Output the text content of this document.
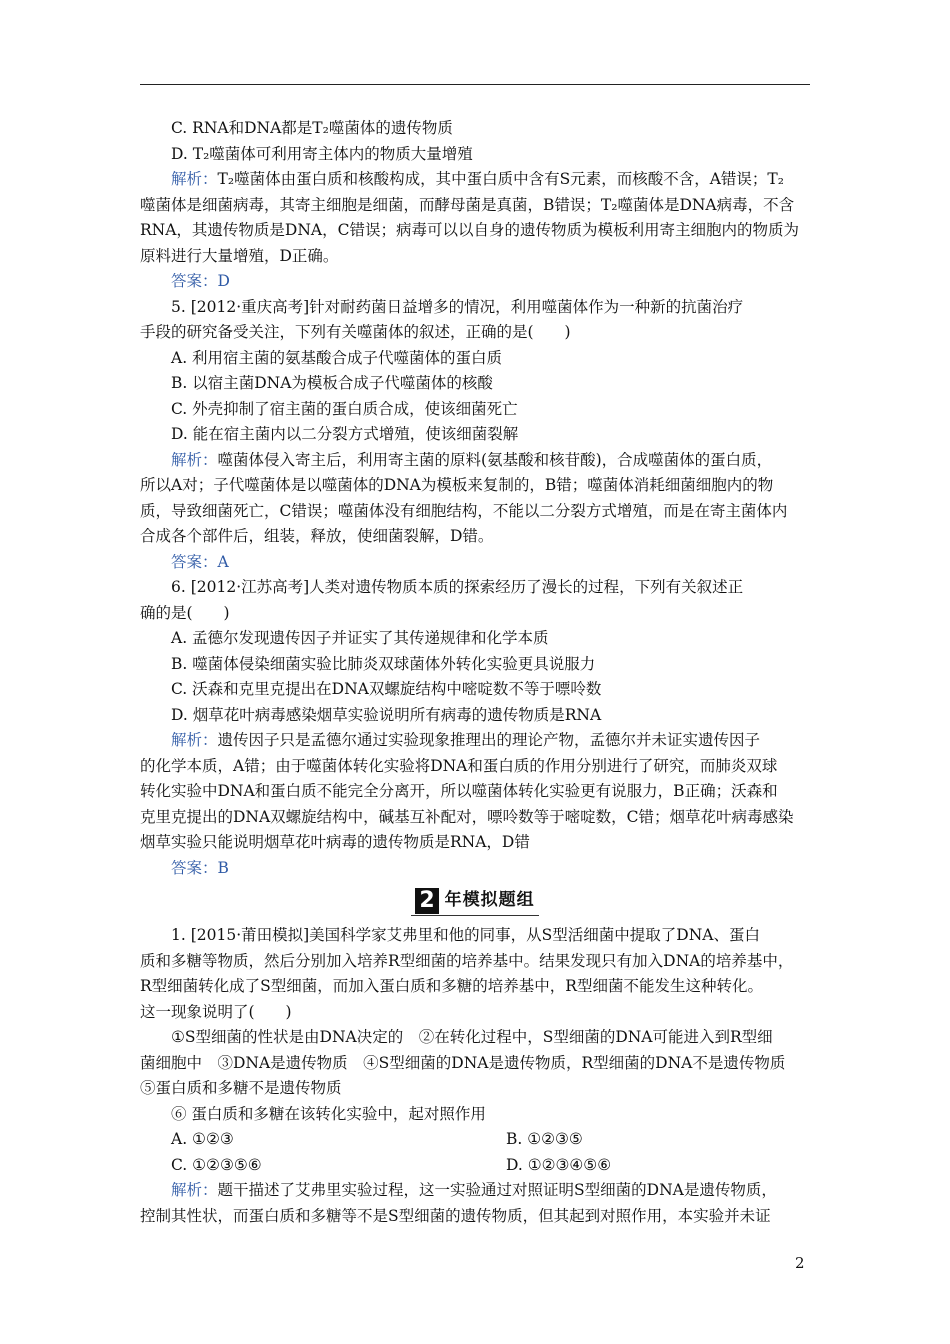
C. RNA和DNA都是T₂噬菌体的遗传物质
D. T₂噬菌体可利用寄主体内的物质大量增殖
解析：T₂噬菌体由蛋白质和核酸构成，其中蛋白质中含有S元素，而核酸不含，A错误；T₂
噬菌体是细菌病毒，其寄主细胞是细菌，而酵母菌是真菌，B错误；T₂噬菌体是DNA病毒，不含
RNA，其遗传物质是DNA，C错误；病毒可以以自身的遗传物质为模板利用寄主细胞内的物质为
原料进行大量增殖，D正确。
答案：D
5. [2012·重庆高考]针对耐药菌日益增多的情况，利用噬菌体作为一种新的抗菌治疗
手段的研究备受关注，下列有关噬菌体的叙述，正确的是(　　)
A. 利用宿主菌的氨基酸合成子代噬菌体的蛋白质
B. 以宿主菌DNA为模板合成子代噬菌体的核酸
C. 外壳抑制了宿主菌的蛋白质合成，使该细菌死亡
D. 能在宿主菌内以二分裂方式增殖，使该细菌裂解
解析：噬菌体侵入寄主后，利用寄主菌的原料(氨基酸和核苷酸)，合成噬菌体的蛋白质，
所以A对；子代噬菌体是以噬菌体的DNA为模板来复制的，B错；噬菌体消耗细菌细胞内的物
质，导致细菌死亡，C错误；噬菌体没有细胞结构，不能以二分裂方式增殖，而是在寄主菌体内
合成各个部件后，组装，释放，使细菌裂解，D错。
答案：A
6. [2012·江苏高考]人类对遗传物质本质的探索经历了漫长的过程，下列有关叙述正
确的是(　　)
A. 孟德尔发现遗传因子并证实了其传递规律和化学本质
B. 噬菌体侵染细菌实验比肺炎双球菌体外转化实验更具说服力
C. 沃森和克里克提出在DNA双螺旋结构中嘧啶数不等于嘌呤数
D. 烟草花叶病毒感染烟草实验说明所有病毒的遗传物质是RNA
解析：遗传因子只是孟德尔通过实验现象推理出的理论产物，孟德尔并未证实遗传因子
的化学本质，A错；由于噬菌体转化实验将DNA和蛋白质的作用分别进行了研究，而肺炎双球
转化实验中DNA和蛋白质不能完全分离开，所以噬菌体转化实验更有说服力，B正确；沃森和
克里克提出的DNA双螺旋结构中，碱基互补配对，嘌呤数等于嘧啶数，C错；烟草花叶病毒感染
烟草实验只能说明烟草花叶病毒的遗传物质是RNA，D错
答案：B
2 年模拟题组
1. [2015·莆田模拟]美国科学家艾弗里和他的同事，从S型活细菌中提取了DNA、蛋白
质和多糖等物质，然后分别加入培养R型细菌的培养基中。结果发现只有加入DNA的培养基中，
R型细菌转化成了S型细菌，而加入蛋白质和多糖的培养基中，R型细菌不能发生这种转化。
这一现象说明了(　　)
①S型细菌的性状是由DNA决定的　②在转化过程中，S型细菌的DNA可能进入到R型细
菌细胞中　③DNA是遗传物质　④S型细菌的DNA是遗传物质，R型细菌的DNA不是遗传物质
⑤蛋白质和多糖不是遗传物质
⑥ 蛋白质和多糖在该转化实验中，起对照作用
A. ①②③	B. ①②③⑤
C. ①②③⑤⑥	D. ①②③④⑤⑥
解析：题干描述了艾弗里实验过程，这一实验通过对照证明S型细菌的DNA是遗传物质，
控制其性状，而蛋白质和多糖等不是S型细菌的遗传物质，但其起到对照作用，本实验并未证
2
